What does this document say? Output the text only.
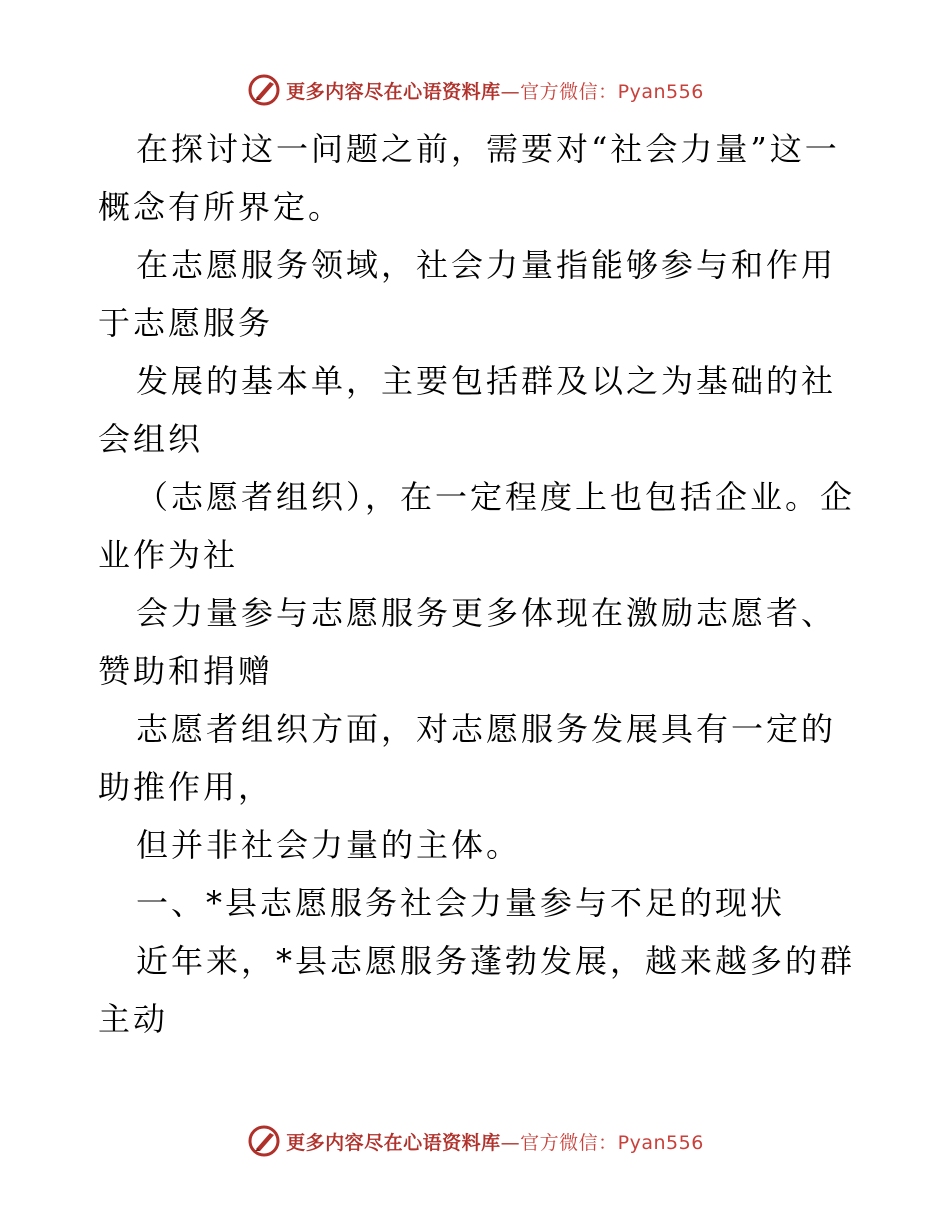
更多内容尽在心语资料库—官方微信：Pyan556

在探讨这一问题之前，需要对“社会力量”这一概念有所界定。

在志愿服务领域，社会力量指能够参与和作用于志愿服务

发展的基本单，主要包括群及以之为基础的社会组织

（志愿者组织），在一定程度上也包括企业。企业作为社

会力量参与志愿服务更多体现在激励志愿者、赞助和捐赠

志愿者组织方面，对志愿服务发展具有一定的助推作用，

但并非社会力量的主体。

一、*县志愿服务社会力量参与不足的现状

近年来，*县志愿服务蓬勃发展，越来越多的群主动

更多内容尽在心语资料库—官方微信：Pyan556
